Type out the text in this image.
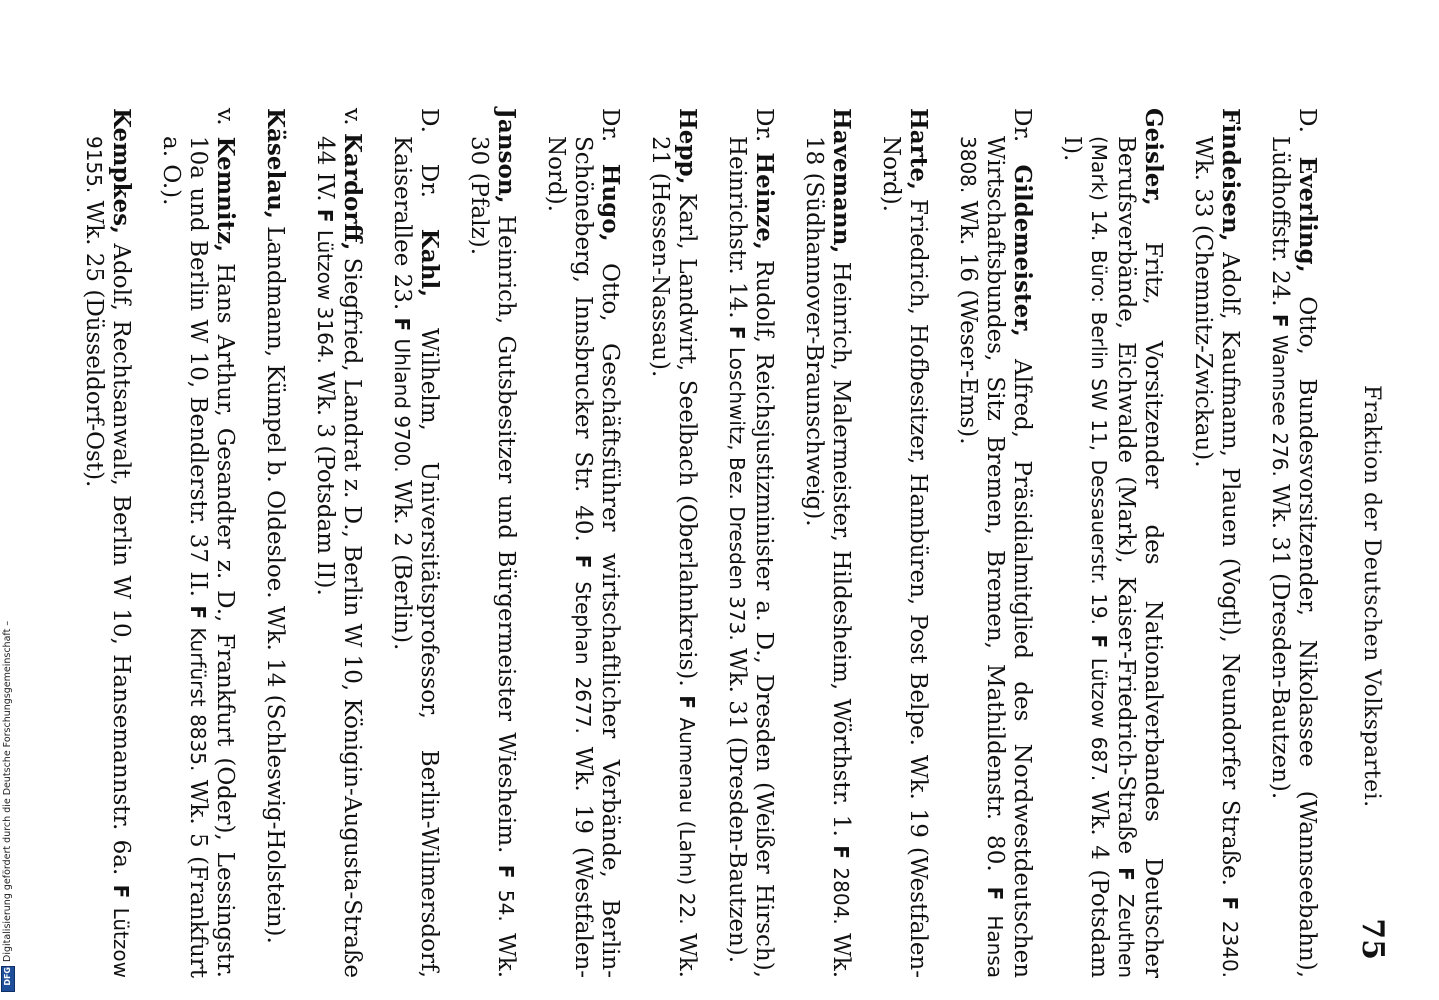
Fraktion der Deutschen Volkspartei.
75

D. Everling, Otto, Bundesvorsitzender, Nikolassee (Wannseebahn), Lüdhoffstr. 24. F Wannsee 276. Wk. 31 (Dresden-Bautzen).

Findeisen, Adolf, Kaufmann, Plauen (Vogtl), Neundorfer Straße. F 2340. Wk. 33 (Chemnitz-Zwickau).

Geisler, Fritz, Vorsitzender des Nationalverbandes Deutscher Berufsverbände, Eichwalde (Mark), Kaiser-Friedrich-Straße F Zeuthen (Mark) 14. Büro: Berlin SW 11, Dessauerstr. 19. F Lützow 687. Wk. 4 (Potsdam I).

Dr. Gildemeister, Alfred, Präsidialmitglied des Nordwestdeutschen Wirtschaftsbundes, Sitz Bremen, Bremen, Mathildenstr. 80. F Hansa 3808. Wk. 16 (Weser-Ems).

Harte, Friedrich, Hofbesitzer, Hambüren, Post Belpe. Wk. 19 (Westfalen-Nord).

Havemann, Heinrich, Malermeister, Hildesheim, Wörthstr. 1. F 2804. Wk. 18 (Südhannover-Braunschweig).

Dr. Heinze, Rudolf, Reichsjustizminister a. D., Dresden (Weißer Hirsch), Heinrichstr. 14. F Loschwitz, Bez. Dresden 373. Wk. 31 (Dresden-Bautzen).

Hepp, Karl, Landwirt, Seelbach (Oberlahnkreis). F Aumenau (Lahn) 22. Wk. 21 (Hessen-Nassau).

Dr. Hugo, Otto, Geschäftsführer wirtschaftlicher Verbände, Berlin-Schöneberg, Innsbrucker Str. 40. F Stephan 2677. Wk. 19 (Westfalen-Nord).

Janson, Heinrich, Gutsbesitzer und Bürgermeister Wiesheim. F 54. Wk. 30 (Pfalz).

D. Dr. Kahl, Wilhelm, Universitätsprofessor, Berlin-Wilmersdorf, Kaiserallee 23. F Uhland 9700. Wk. 2 (Berlin).

v. Kardorff, Siegfried, Landrat z. D., Berlin W 10, Königin-Augusta-Straße 44 IV. F Lützow 3164. Wk. 3 (Potsdam II).

Käselau, Landmann, Kümpel b. Oldesloe. Wk. 14 (Schleswig-Holstein).

v. Kemnitz, Hans Arthur, Gesandter z. D., Frankfurt (Oder), Lessingstr. 10a und Berlin W 10, Bendlerstr. 37 II. F Kurfürst 8835. Wk. 5 (Frankfurt a. O.).

Kempkes, Adolf, Rechtsanwalt, Berlin W 10, Hansemannstr. 6a. F Lützow 9155. Wk. 25 (Düsseldorf-Ost).

Digitalisierung gefördert durch die Deutsche Forschungsgemeinschaft –
DFG
